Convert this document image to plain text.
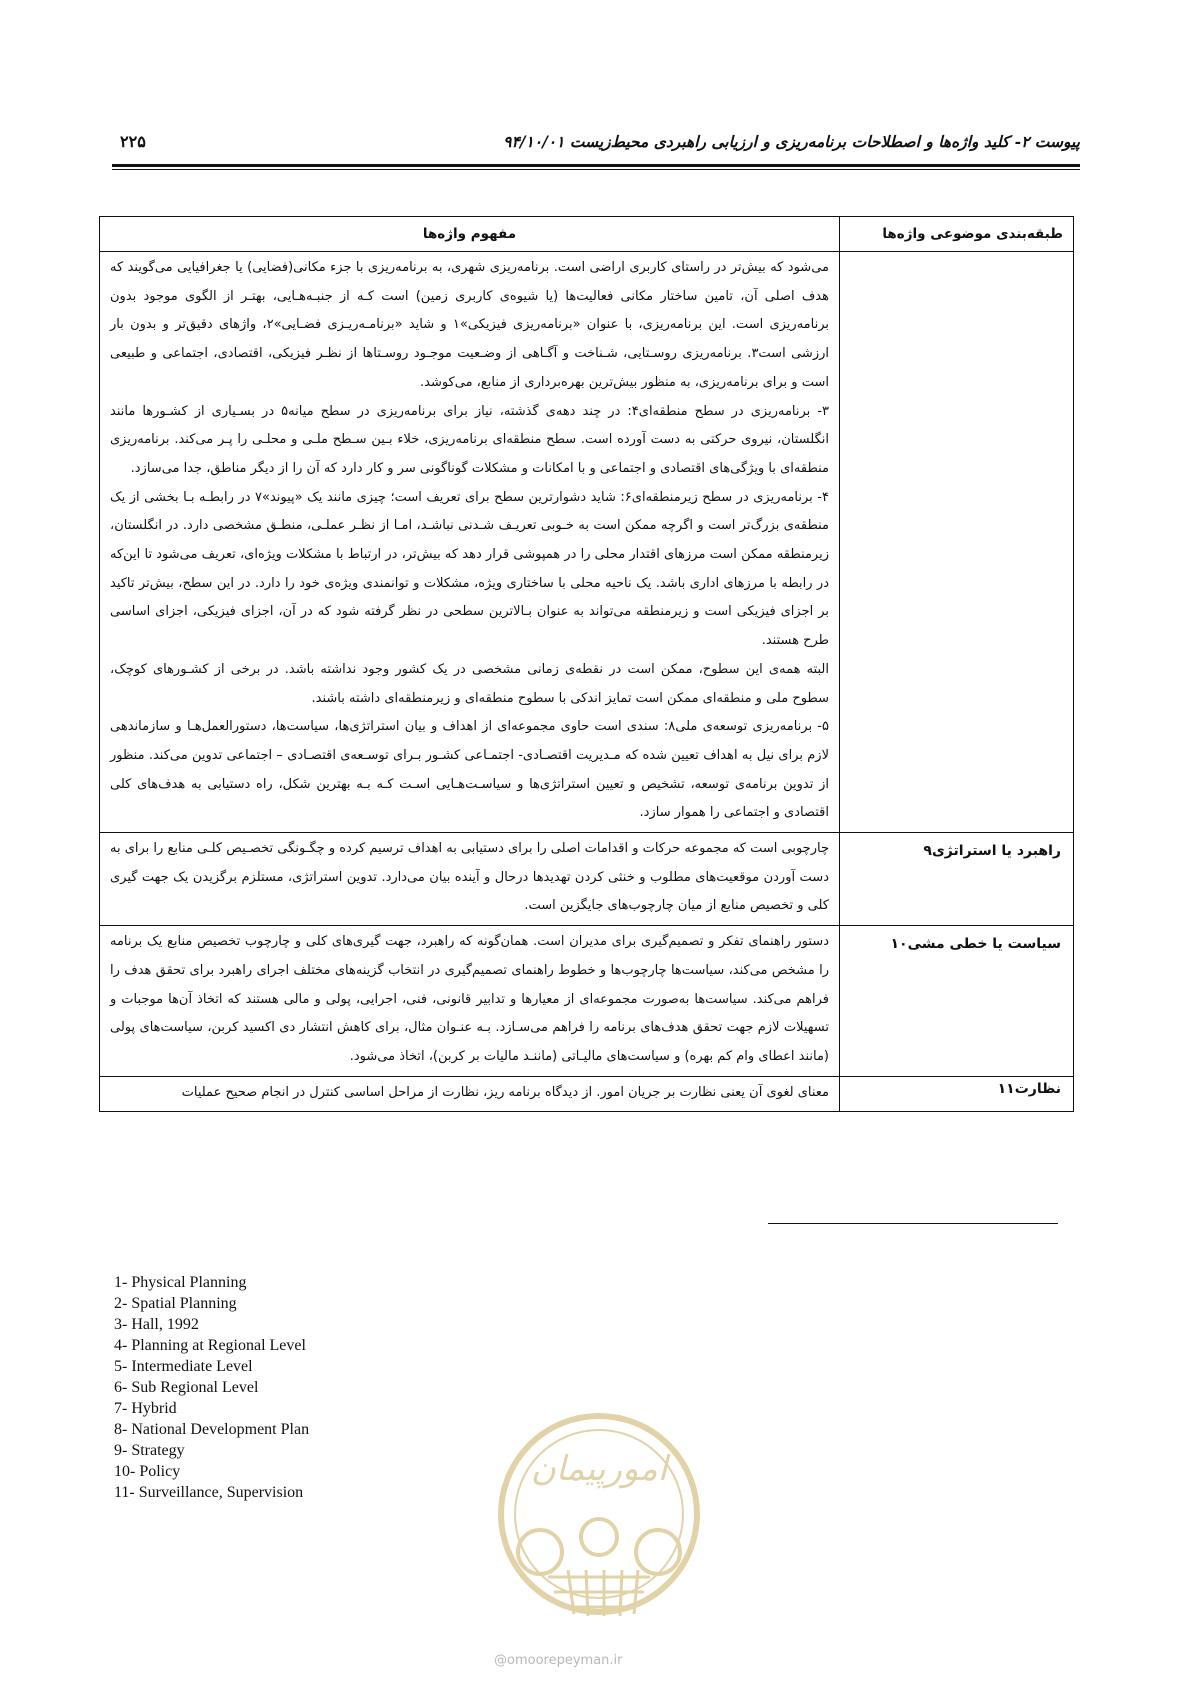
پیوست ۲- کلید واژه‌ها و اصطلاحات برنامه‌ریزی و ارزیابی راهبردی محیط‌زیست ۹۴/۱۰/۰۱
۲۲۵
طبقه‌بندی موضوعی واژه‌ها	مفهوم واژه‌ها

	می‌شود که بیش‌تر در راستای کاربری اراضی است. برنامه‌ریزی شهری، به برنامه‌ریزی با جزء مکانی(فضایی) یا جغرافیایی می‌گویند که هدف اصلی آن، تامین ساختار مکانی فعالیت‌ها (یا شیوه‌ی کاربری زمین) است کـه از جنبـه‌هـایی، بهتـر از الگوی موجود بدون برنامه‌ریزی است. این برنامه‌ریزی، با عنوان «برنامه‌ریزی فیزیکی»۱ و شاید «برنامـه‌ریـزی فضـایی»۲، واژهای دقیق‌تر و بدون بار ارزشی است۳. برنامه‌ریزی روسـتایی، شـناخت و آگـاهی از وضـعیت موجـود روسـتاها از نظـر فیزیکی، اقتصادی، اجتماعی و طبیعی است و برای برنامه‌ریزی، به منظور بیش‌ترین بهره‌برداری از منابع، می‌کوشد.

۳- برنامه‌ریزی در سطح منطقه‌ای۴: در چند دهه‌ی گذشته، نیاز برای برنامه‌ریزی در سطح میانه۵ در بسـیاری از کشـورها مانند انگلستان، نیروی حرکتی به دست آورده است. سطح منطقه‌ای برنامه‌ریزی، خلاء بـین سـطح ملـی و محلـی را پـر می‌کند. برنامه‌ریزی منطقه‌ای با ویژگی‌های اقتصادی و اجتماعی و با امکانات و مشکلات گوناگونی سر و کار دارد که آن را از دیگر مناطق، جدا می‌سازد.

۴- برنامه‌ریزی در سطح زیرمنطقه‌ای۶: شاید دشوارترین سطح برای تعریف است؛ چیزی مانند یک «پیوند»۷ در رابطـه بـا بخشی از یک منطقه‌ی بزرگ‌تر است و اگرچه ممکن است به خـوبی تعریـف شـدنی نباشـد، امـا از نظـر عملـی، منطـق مشخصی دارد. در انگلستان، زیرمنطقه ممکن است مرزهای اقتدار محلی را در همپوشی قرار دهد که بیش‌تر، در ارتباط با مشکلات ویژه‌ای، تعریف می‌شود تا این‌که در رابطه با مرزهای اداری باشد. یک ناحیه محلی با ساختاری ویژه، مشکلات و توانمندی ویژه‌ی خود را دارد. در این سطح، بیش‌تر تاکید بر اجزای فیزیکی است و زیرمنطقه می‌تواند به عنوان بـالاترین سطحی در نظر گرفته شود که در آن، اجزای فیزیکی، اجزای اساسی طرح هستند.

البته همه‌ی این سطوح، ممکن است در نقطه‌ی زمانی مشخصی در یک کشور وجود نداشته باشد. در برخی از کشـورهای کوچک، سطوح ملی و منطقه‌ای ممکن است تمایز اندکی با سطوح منطقه‌ای و زیرمنطقه‌ای داشته باشند.

۵- برنامه‌ریزی توسعه‌ی ملی۸: سندی است حاوی مجموعه‌ای از اهداف و بیان استراتژی‌ها، سیاست‌ها، دستورالعمل‌هـا و سازماندهی لازم برای نیل به اهداف تعیین شده که مـدیریت اقتصـادی- اجتمـاعی کشـور بـرای توسـعه‌ی اقتصـادی – اجتماعی تدوین می‌کند. منظور از تدوین برنامه‌ی توسعه، تشخیص و تعیین استراتژی‌ها و سیاسـت‌هـایی اسـت کـه بـه بهترین شکل، راه دستیابی به هدف‌های کلی اقتصادی و اجتماعی را هموار سازد.

راهبرد یا استراتژی۹	چارچوبی است که مجموعه حرکات و اقدامات اصلی را برای دستیابی به اهداف ترسیم کرده و چگـونگی تخصـیص کلـی منابع را برای به دست آوردن موقعیت‌های مطلوب و خنثی کردن تهدیدها درحال و آینده بیان می‌دارد. تدوین استراتژی، مستلزم برگزیدن یک جهت گیری کلی و تخصیص منابع از میان چارچوب‌های جایگزین است.

سیاست یا خطی مشی۱۰	دستور راهنمای تفکر و تصمیم‌گیری برای مدیران است. همان‌گونه که راهبرد، جهت گیری‌های کلی و چارچوب تخصیص منابع یک برنامه را مشخص می‌کند، سیاست‌ها چارچوب‌ها و خطوط راهنمای تصمیم‌گیری در انتخاب گزینه‌های مختلف اجرای راهبرد برای تحقق هدف را فراهم می‌کند. سیاست‌ها به‌صورت مجموعه‌ای از معیارها و تدابیر قانونی، فنی، اجرایی، پولی و مالی هستند که اتخاذ آن‌ها موجبات و تسهیلات لازم جهت تحقق هدف‌های برنامه را فراهم می‌سـازد. بـه عنـوان مثال، برای کاهش انتشار دی اکسید کربن، سیاست‌های پولی (مانند اعطای وام کم بهره) و سیاست‌های مالیـاتی (ماننـد مالیات بر کربن)، اتخاذ می‌شود.

نظارت۱۱	معنای لغوی آن یعنی نظارت بر جریان امور. از دیدگاه برنامه ریز، نظارت از مراحل اساسی کنترل در انجام صحیح عملیات

1- Physical Planning
2- Spatial Planning
3- Hall, 1992
4- Planning at Regional Level
5- Intermediate Level
6- Sub Regional Level
7- Hybrid
8- National Development Plan
9- Strategy
10- Policy
11- Surveillance, Supervision
امورپیمان
@omoorepeyman.ir
